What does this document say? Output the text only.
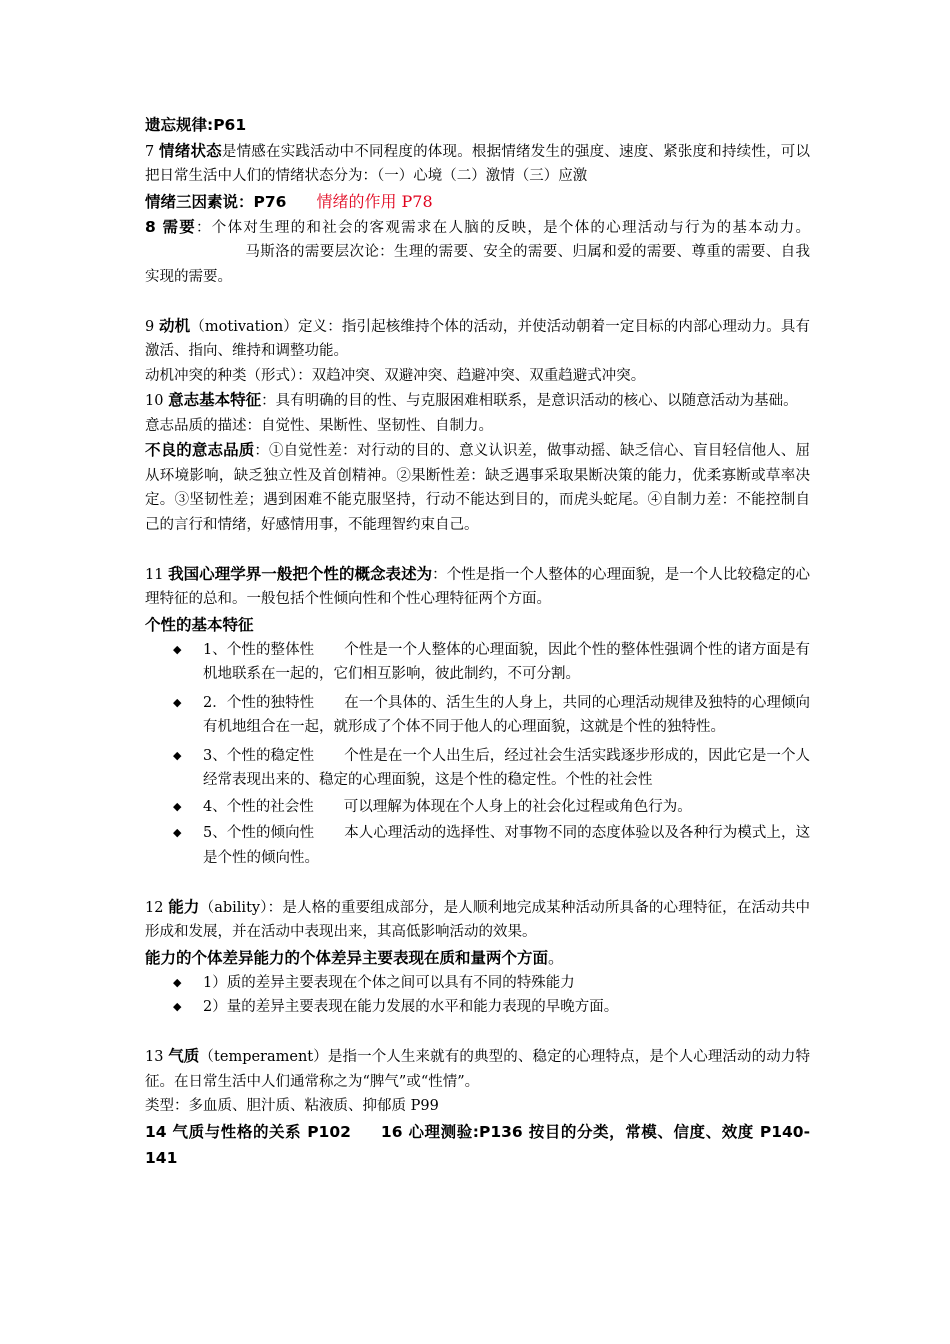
遗忘规律:P61

7 情绪状态是情感在实践活动中不同程度的体现。根据情绪发生的强度、速度、紧张度和持续性，可以把日常生活中人们的情绪状态分为：（一）心境（二）激情（三）应激

情绪三因素说：P76 情绪的作用 P78

8 需要：个体对生理的和社会的客观需求在人脑的反映，是个体的心理活动与行为的基本动力。马斯洛的需要层次论：生理的需要、安全的需要、归属和爱的需要、尊重的需要、自我实现的需要。

9 动机（motivation）定义：指引起核维持个体的活动，并使活动朝着一定目标的内部心理动力。具有激活、指向、维持和调整功能。

动机冲突的种类（形式）：双趋冲突、双避冲突、趋避冲突、双重趋避式冲突。

10 意志基本特征：具有明确的目的性、与克服困难相联系，是意识活动的核心、以随意活动为基础。

意志品质的描述：自觉性、果断性、坚韧性、自制力。

不良的意志品质：①自觉性差：对行动的目的、意义认识差，做事动摇、缺乏信心、盲目轻信他人、屈从环境影响，缺乏独立性及首创精神。②果断性差：缺乏遇事采取果断决策的能力，优柔寡断或草率决定。③坚韧性差；遇到困难不能克服坚持，行动不能达到目的，而虎头蛇尾。④自制力差：不能控制自己的言行和情绪，好感情用事，不能理智约束自己。

11 我国心理学界一般把个性的概念表述为：个性是指一个人整体的心理面貌，是一个人比较稳定的心理特征的总和。一般包括个性倾向性和个性心理特征两个方面。

个性的基本特征

◆ 1、个性的整体性 个性是一个人整体的心理面貌，因此个性的整体性强调个性的诸方面是有机地联系在一起的，它们相互影响，彼此制约，不可分割。
◆ 2．个性的独特性 在一个具体的、活生生的人身上，共同的心理活动规律及独特的心理倾向有机地组合在一起，就形成了个体不同于他人的心理面貌，这就是个性的独特性。
◆ 3、个性的稳定性 个性是在一个人出生后，经过社会生活实践逐步形成的，因此它是一个人经常表现出来的、稳定的心理面貌，这是个性的稳定性。个性的社会性
◆ 4、个性的社会性 可以理解为体现在个人身上的社会化过程或角色行为。
◆ 5、个性的倾向性 本人心理活动的选择性、对事物不同的态度体验以及各种行为模式上，这是个性的倾向性。

12 能力（ability）：是人格的重要组成部分，是人顺利地完成某种活动所具备的心理特征，在活动共中形成和发展，并在活动中表现出来，其高低影响活动的效果。

能力的个体差异能力的个体差异主要表现在质和量两个方面。

◆ 1）质的差异主要表现在个体之间可以具有不同的特殊能力
◆ 2）量的差异主要表现在能力发展的水平和能力表现的早晚方面。

13 气质（temperament）是指一个人生来就有的典型的、稳定的心理特点，是个人心理活动的动力特征。在日常生活中人们通常称之为“脾气”或“性情”。

类型：多血质、胆汁质、粘液质、抑郁质 P99

14 气质与性格的关系 P102 16 心理测验:P136 按目的分类，常模、信度、效度 P140-141
